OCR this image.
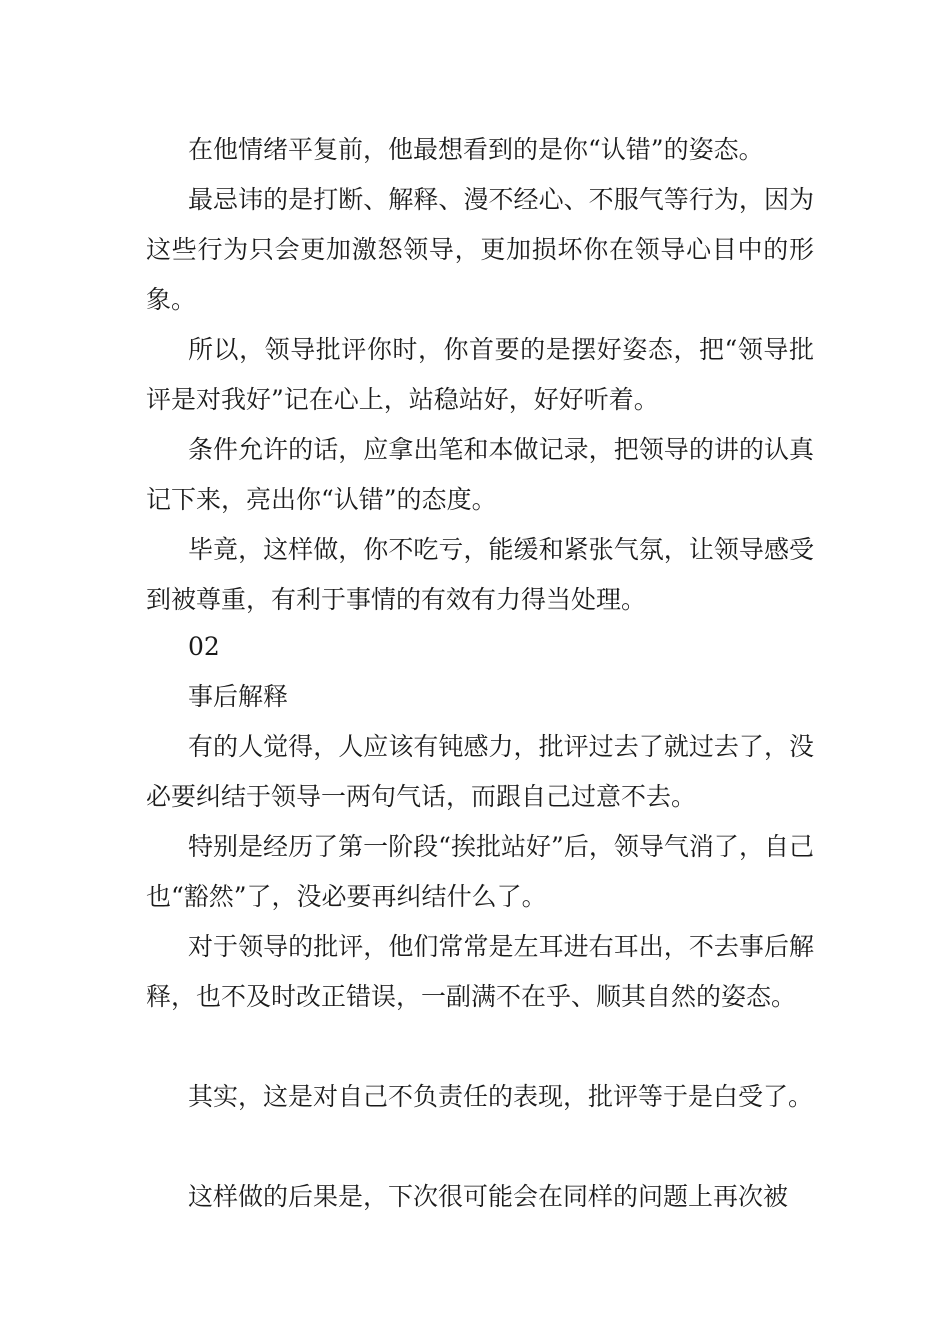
在他情绪平复前，他最想看到的是你“认错”的姿态。

最忌讳的是打断、解释、漫不经心、不服气等行为，因为这些行为只会更加激怒领导，更加损坏你在领导心目中的形象。

所以，领导批评你时，你首要的是摆好姿态，把“领导批评是对我好”记在心上，站稳站好，好好听着。

条件允许的话，应拿出笔和本做记录，把领导的讲的认真记下来，亮出你“认错”的态度。

毕竟，这样做，你不吃亏，能缓和紧张气氛，让领导感受到被尊重，有利于事情的有效有力得当处理。

02

事后解释

有的人觉得，人应该有钝感力，批评过去了就过去了，没必要纠结于领导一两句气话，而跟自己过意不去。

特别是经历了第一阶段“挨批站好”后，领导气消了，自己也“豁然”了，没必要再纠结什么了。

对于领导的批评，他们常常是左耳进右耳出，不去事后解释，也不及时改正错误，一副满不在乎、顺其自然的姿态。

其实，这是对自己不负责任的表现，批评等于是白受了。

这样做的后果是，下次很可能会在同样的问题上再次被
